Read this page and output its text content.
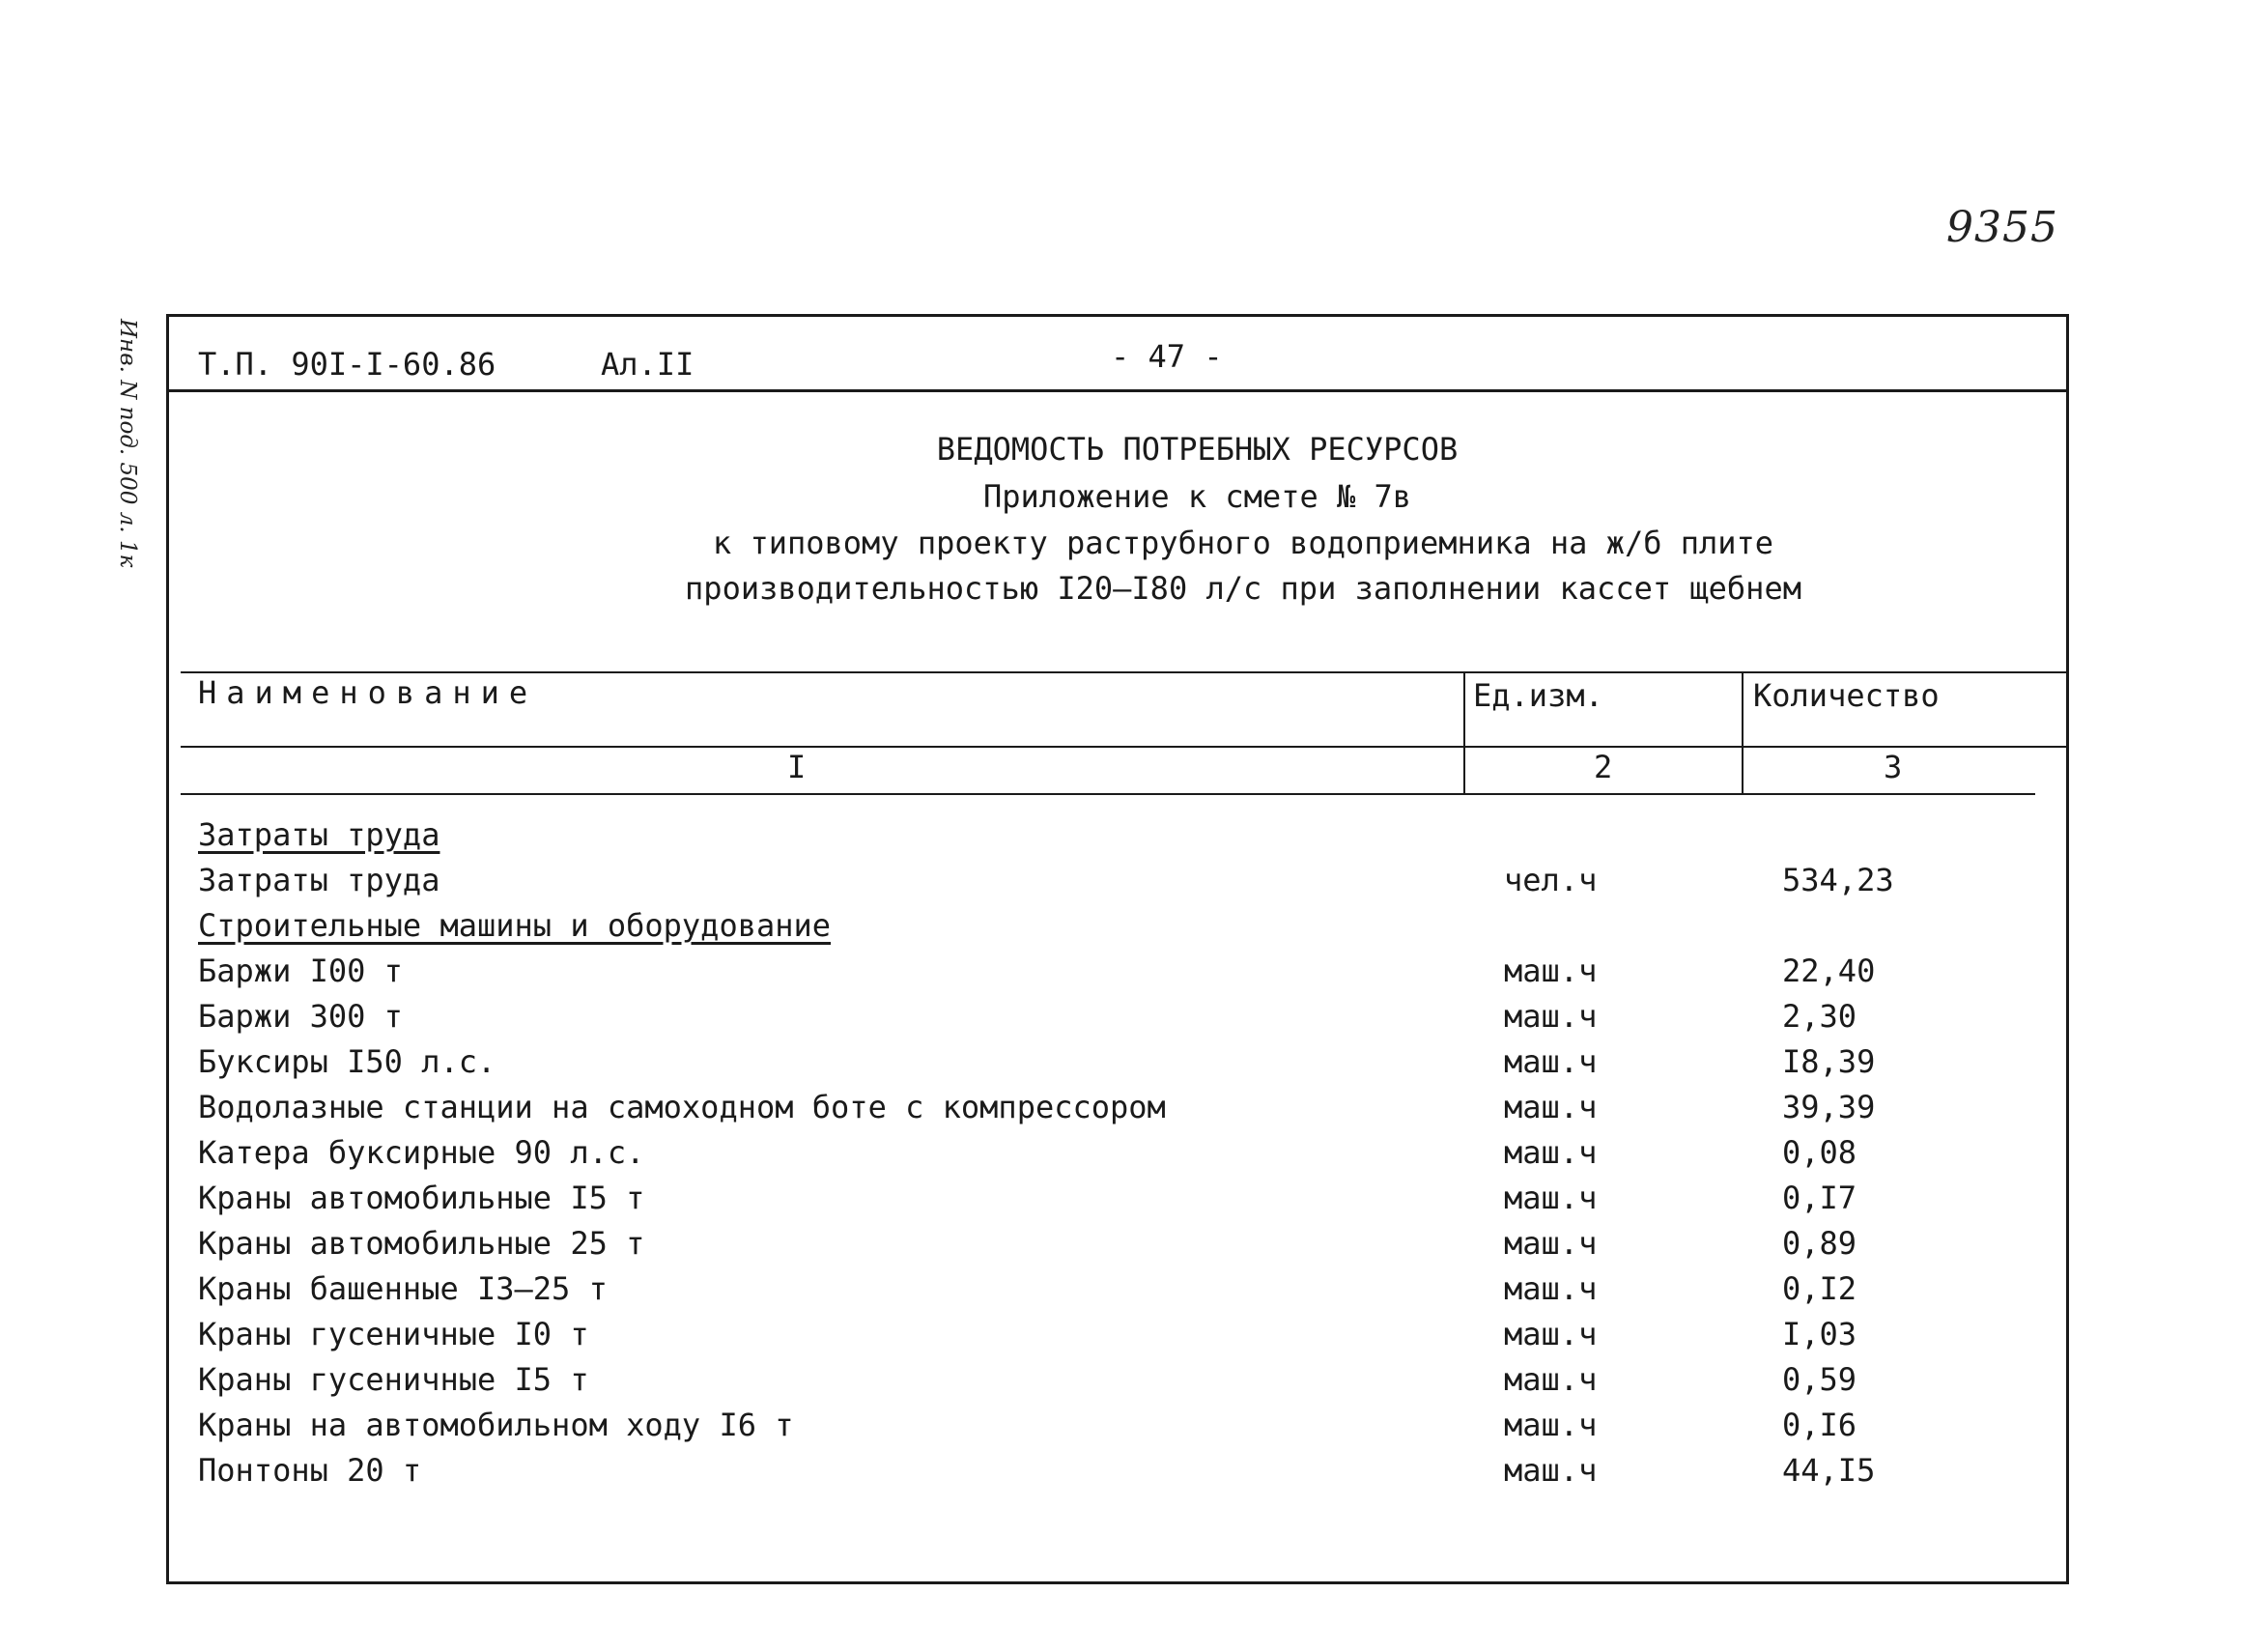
9355
Инв. N под. 500 л. 1к Т.П. 90I-I-60.86	Ал.II	- 47 -
ВЕДОМОСТЬ ПОТРЕБНЫХ РЕСУРСОВ
Приложение к смете № 7в
к типовому проекту раструбного водоприемника на ж/б плите
производительностью I20–I80 л/с при заполнении кассет щебнем
Наименование	Ед.изм.	Количество
I	2	3
Затраты труда
Затраты труда	чел.ч	534,23
Строительные машины и оборудование
Баржи I00 т	маш.ч	22,40
Баржи 300 т	маш.ч	2,30
Буксиры I50 л.с.	маш.ч	I8,39
Водолазные станции на самоходном боте с компрессором	маш.ч	39,39
Катера буксирные 90 л.с.	маш.ч	0,08
Краны автомобильные I5 т	маш.ч	0,I7
Краны автомобильные 25 т	маш.ч	0,89
Краны башенные I3–25 т	маш.ч	0,I2
Краны гусеничные I0 т	маш.ч	I,03
Краны гусеничные I5 т	маш.ч	0,59
Краны на автомобильном ходу I6 т	маш.ч	0,I6
Понтоны 20 т	маш.ч	44,I5
